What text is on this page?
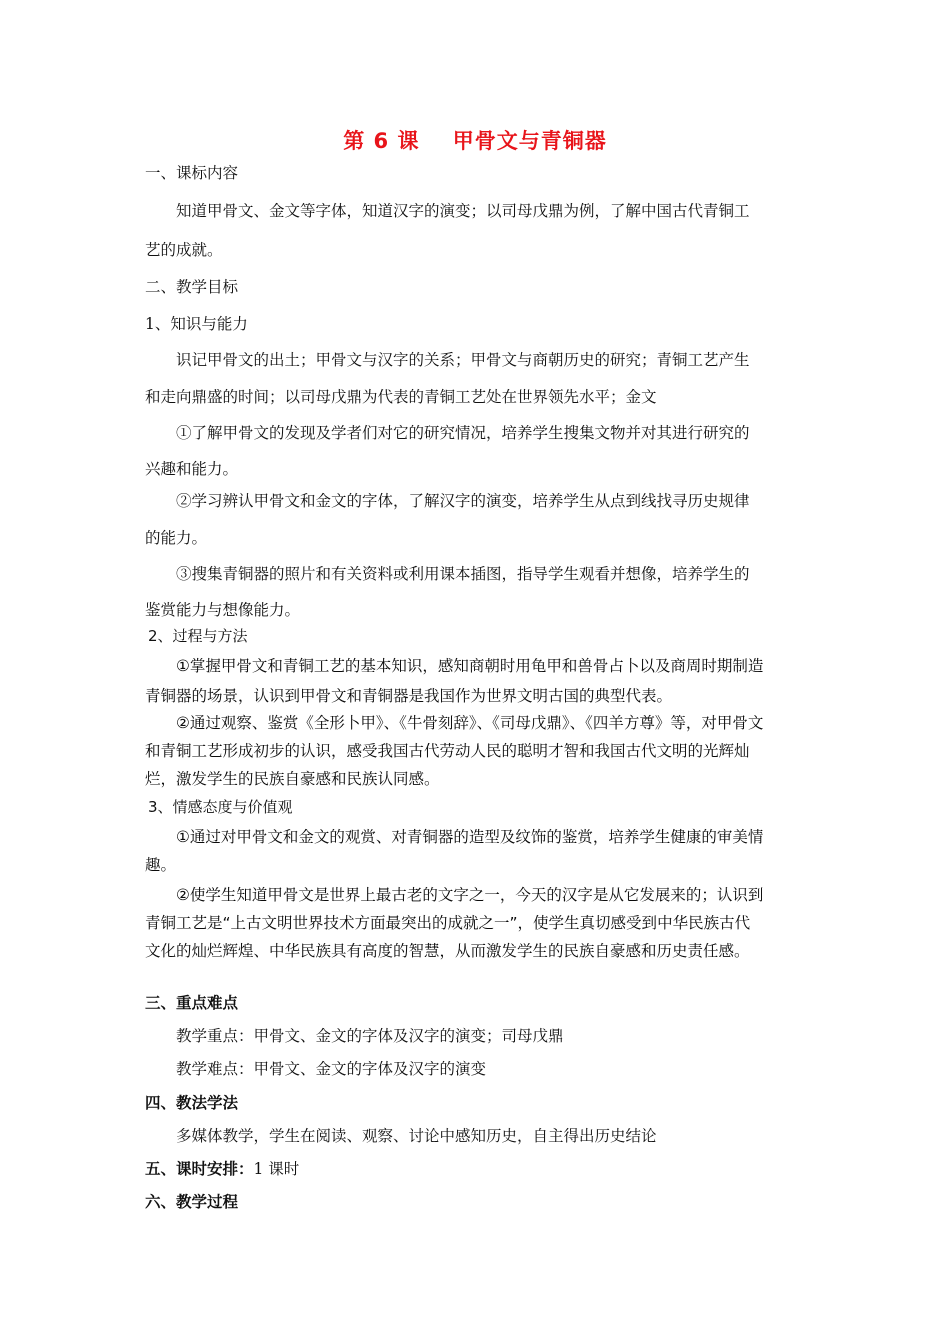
第 6 课    甲骨文与青铜器
一、课标内容
知道甲骨文、金文等字体，知道汉字的演变；以司母戊鼎为例，了解中国古代青铜工
艺的成就。
二、教学目标
1、知识与能力
识记甲骨文的出土；甲骨文与汉字的关系；甲骨文与商朝历史的研究；青铜工艺产生
和走向鼎盛的时间；以司母戊鼎为代表的青铜工艺处在世界领先水平；金文
①了解甲骨文的发现及学者们对它的研究情况，培养学生搜集文物并对其进行研究的
兴趣和能力。
②学习辨认甲骨文和金文的字体，了解汉字的演变，培养学生从点到线找寻历史规律
的能力。
③搜集青铜器的照片和有关资料或利用课本插图，指导学生观看并想像，培养学生的
鉴赏能力与想像能力。
2、过程与方法
①掌握甲骨文和青铜工艺的基本知识，感知商朝时用龟甲和兽骨占卜以及商周时期制造
青铜器的场景，认识到甲骨文和青铜器是我国作为世界文明古国的典型代表。
②通过观察、鉴赏《全形卜甲》、《牛骨刻辞》、《司母戊鼎》、《四羊方尊》等，对甲骨文
和青铜工艺形成初步的认识，感受我国古代劳动人民的聪明才智和我国古代文明的光辉灿
烂，激发学生的民族自豪感和民族认同感。
3、情感态度与价值观
①通过对甲骨文和金文的观赏、对青铜器的造型及纹饰的鉴赏，培养学生健康的审美情
趣。
②使学生知道甲骨文是世界上最古老的文字之一，今天的汉字是从它发展来的；认识到
青铜工艺是“上古文明世界技术方面最突出的成就之一”，使学生真切感受到中华民族古代
文化的灿烂辉煌、中华民族具有高度的智慧，从而激发学生的民族自豪感和历史责任感。
三、重点难点
教学重点：甲骨文、金文的字体及汉字的演变；司母戊鼎
教学难点：甲骨文、金文的字体及汉字的演变
四、教法学法
多媒体教学，学生在阅读、观察、讨论中感知历史，自主得出历史结论
五、课时安排：1 课时
六、教学过程
